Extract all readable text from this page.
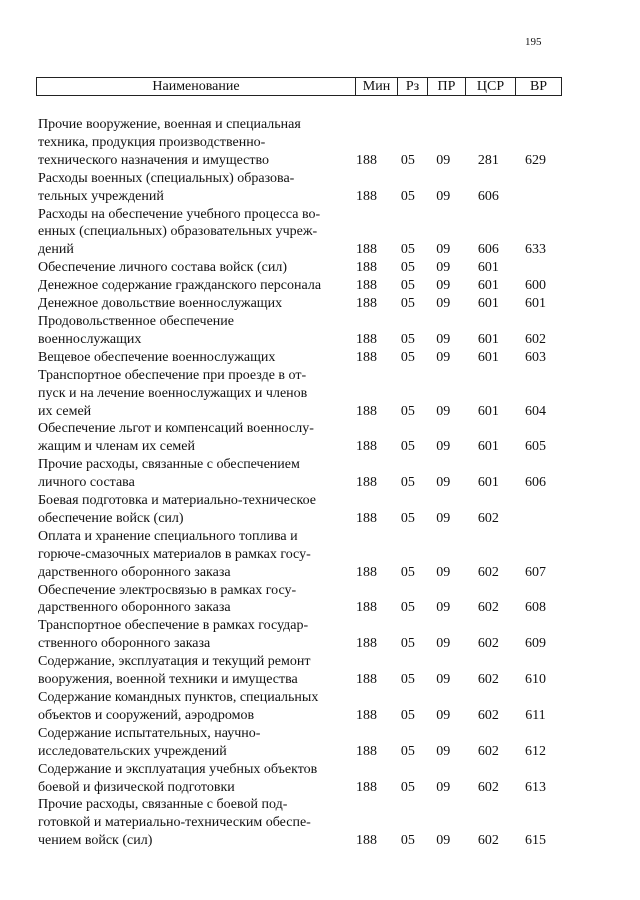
195
Наименование	Мин	Рз	ПР	ЦСР	ВР
Прочие вооружение, военная и специальная
техника, продукция производственно-
технического назначения и имущество	188	05	09	281	629
Расходы военных (специальных) образова-
тельных учреждений	188	05	09	606
Расходы на обеспечение учебного процесса во-
енных (специальных) образовательных учреж-
дений	188	05	09	606	633
Обеспечение личного состава войск (сил)	188	05	09	601
Денежное содержание гражданского персонала	188	05	09	601	600
Денежное довольствие военнослужащих	188	05	09	601	601
Продовольственное обеспечение
военнослужащих	188	05	09	601	602
Вещевое обеспечение военнослужащих	188	05	09	601	603
Транспортное обеспечение при проезде в от-
пуск и на лечение военнослужащих и членов
их семей	188	05	09	601	604
Обеспечение льгот и компенсаций военнослу-
жащим и членам их семей	188	05	09	601	605
Прочие расходы, связанные с обеспечением
личного состава	188	05	09	601	606
Боевая подготовка и материально-техническое
обеспечение войск (сил)	188	05	09	602
Оплата и хранение специального топлива и
горюче-смазочных материалов в рамках госу-
дарственного оборонного заказа	188	05	09	602	607
Обеспечение электросвязью в рамках госу-
дарственного оборонного заказа	188	05	09	602	608
Транспортное обеспечение в рамках государ-
ственного оборонного заказа	188	05	09	602	609
Содержание, эксплуатация и текущий ремонт
вооружения, военной техники и имущества	188	05	09	602	610
Содержание командных пунктов, специальных
объектов и сооружений, аэродромов	188	05	09	602	611
Содержание испытательных, научно-
исследовательских учреждений	188	05	09	602	612
Содержание и эксплуатация учебных объектов
боевой и физической подготовки	188	05	09	602	613
Прочие расходы, связанные с боевой под-
готовкой и материально-техническим обеспе-
чением войск (сил)	188	05	09	602	615
